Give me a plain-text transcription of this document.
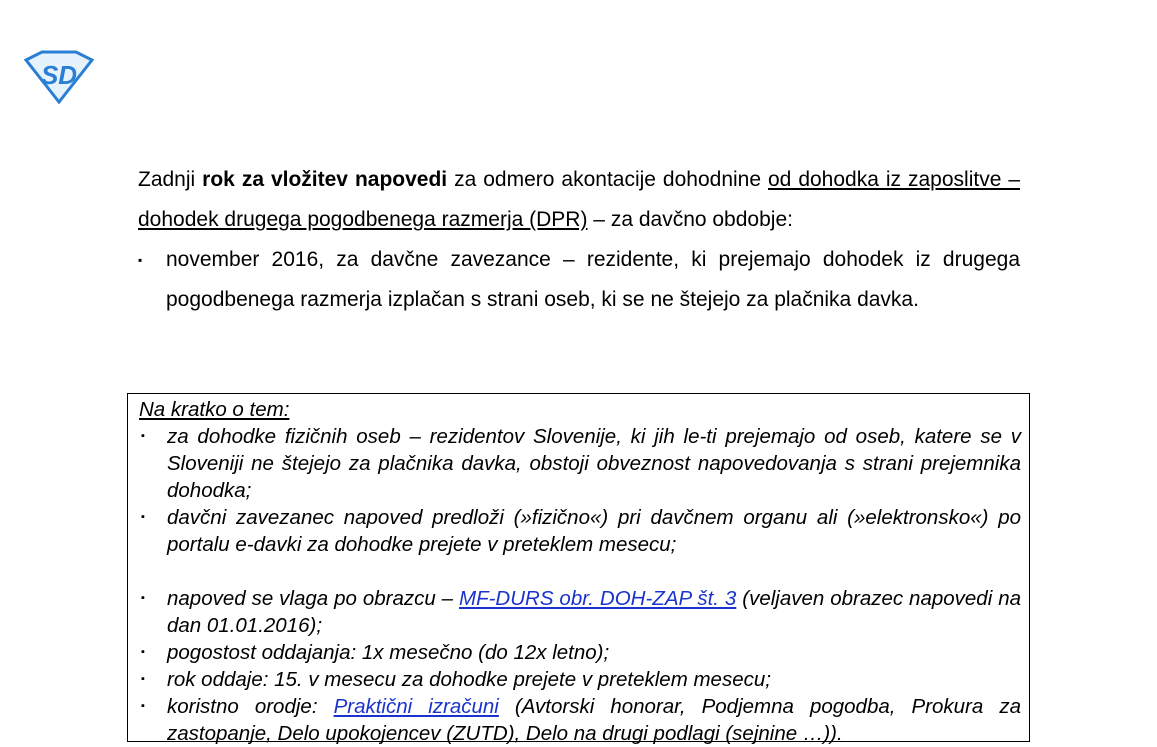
SD
Zadnji rok za vložitev napovedi za odmero akontacije dohodnine od dohodka iz zaposlitve – dohodek drugega pogodbenega razmerja (DPR) – za davčno obdobje:
▪ november 2016, za davčne zavezance – rezidente, ki prejemajo dohodek iz drugega pogodbenega razmerja izplačan s strani oseb, ki se ne štejejo za plačnika davka.
Na kratko o tem:
▪ za dohodke fizičnih oseb – rezidentov Slovenije, ki jih le-ti prejemajo od oseb, katere se v Sloveniji ne štejejo za plačnika davka, obstoji obveznost napovedovanja s strani prejemnika dohodka;
▪ davčni zavezanec napoved predloži (»fizično«) pri davčnem organu ali (»elektronsko«) po portalu e-davki za dohodke prejete v preteklem mesecu;
▪ napoved se vlaga po obrazcu – MF-DURS obr. DOH-ZAP št. 3 (veljaven obrazec napovedi na dan 01.01.2016);
▪ pogostost oddajanja: 1x mesečno (do 12x letno);
▪ rok oddaje: 15. v mesecu za dohodke prejete v preteklem mesecu;
▪ koristno orodje: Praktični izračuni (Avtorski honorar, Podjemna pogodba, Prokura za zastopanje, Delo upokojencev (ZUTD), Delo na drugi podlagi (sejnine …)).
